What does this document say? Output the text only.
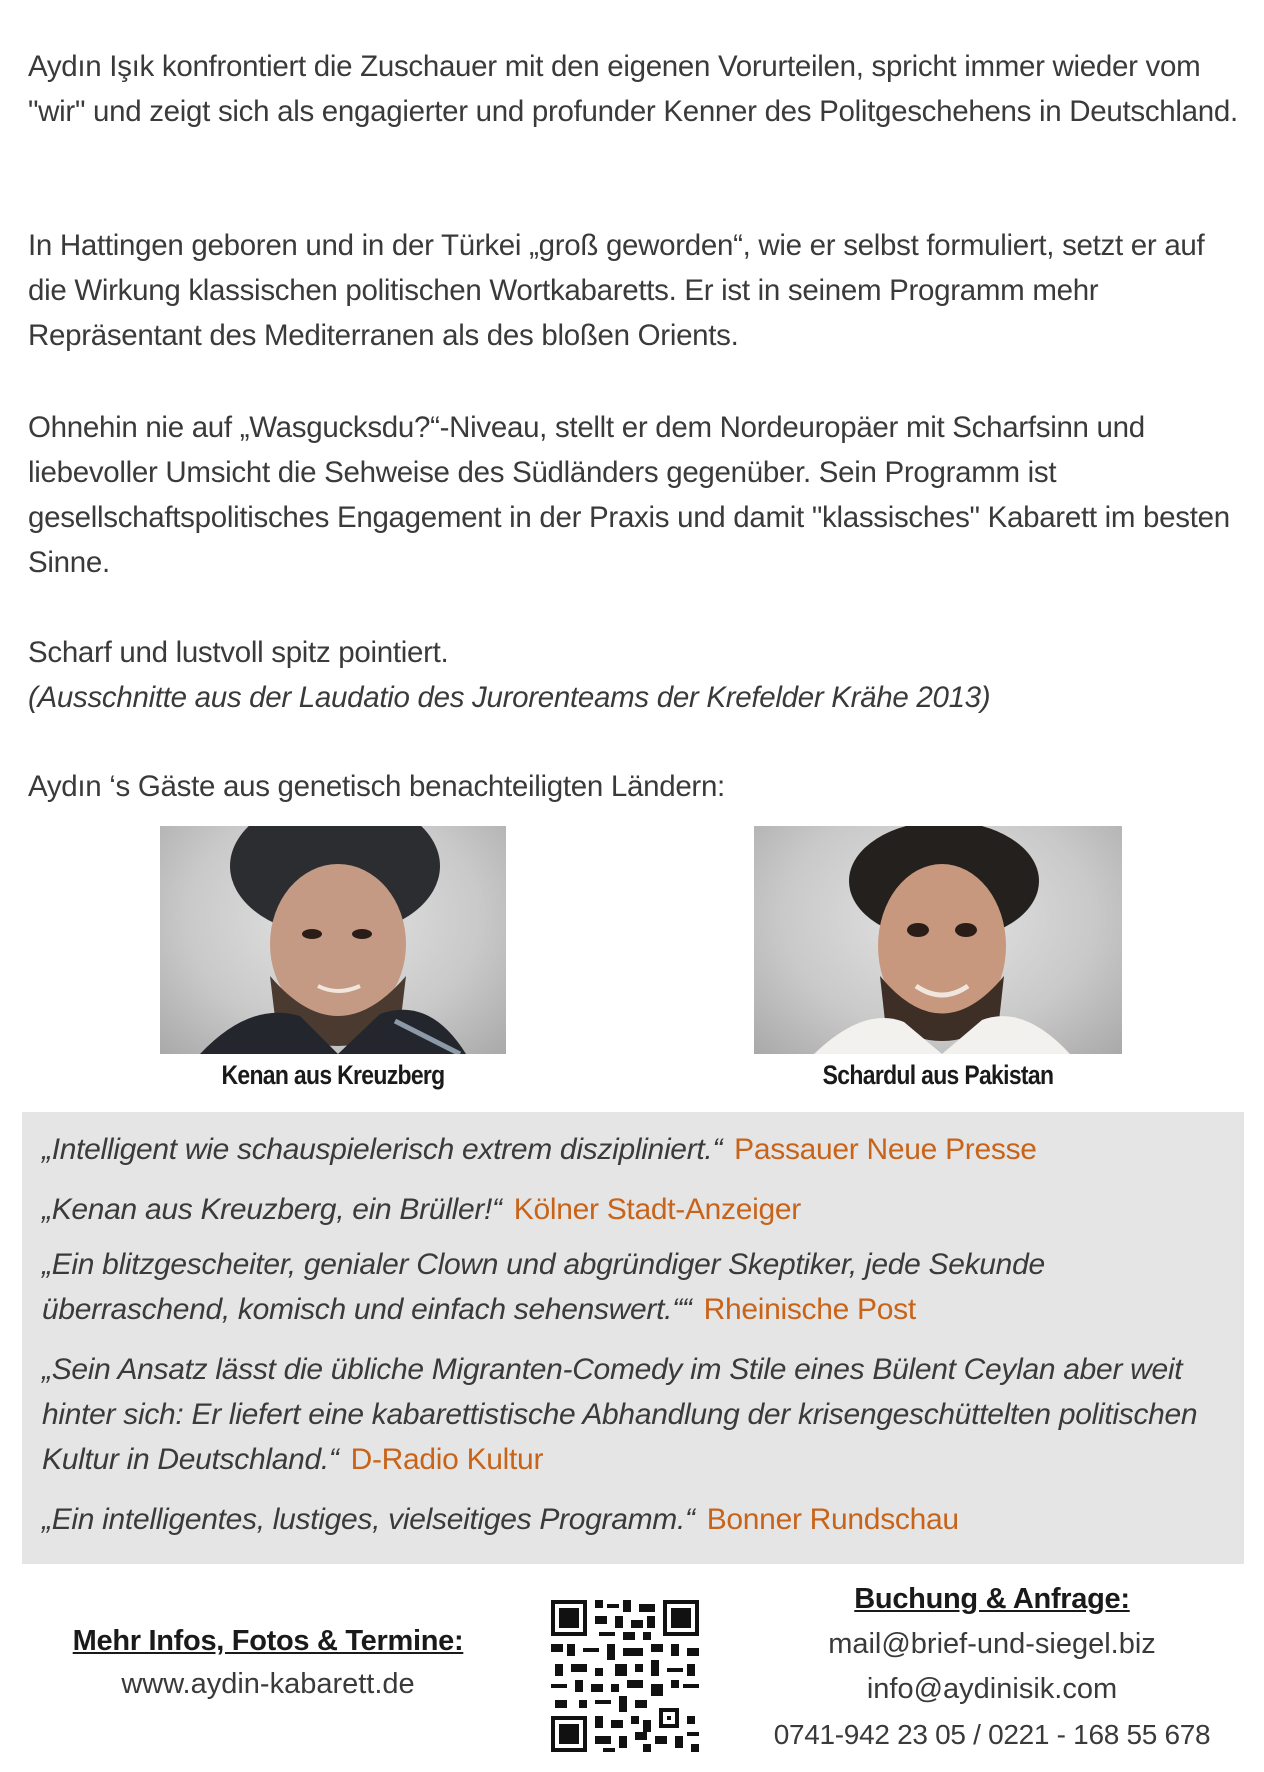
Aydın Işık konfrontiert die Zuschauer mit den eigenen Vorurteilen, spricht immer wieder vom "wir" und zeigt sich als engagierter und profunder Kenner des Politgeschehens in Deutschland.

In Hattingen geboren und in der Türkei „groß geworden“, wie er selbst formuliert, setzt er auf die Wirkung klassischen politischen Wortkabaretts. Er ist in seinem Programm mehr Repräsentant des Mediterranen als des bloßen Orients.

Ohnehin nie auf „Wasgucksdu?“-Niveau, stellt er dem Nordeuropäer mit Scharfsinn und liebevoller Umsicht die Sehweise des Südländers gegenüber. Sein Programm ist gesellschaftspolitisches Engagement in der Praxis und damit "klassisches" Kabarett im besten Sinne.

Scharf und lustvoll spitz pointiert.
(Ausschnitte aus der Laudatio des Jurorenteams der Krefelder Krähe 2013)

Aydın ‘s Gäste aus genetisch benachteiligten Ländern:

Kenan aus Kreuzberg	Schardul aus Pakistan
„Intelligent wie schauspielerisch extrem diszipliniert.“ Passauer Neue Presse
„Kenan aus Kreuzberg, ein Brüller!“ Kölner Stadt-Anzeiger
„Ein blitzgescheiter, genialer Clown und abgründiger Skeptiker, jede Sekunde überraschend, komisch und einfach sehenswert.““ Rheinische Post
„Sein Ansatz lässt die übliche Migranten-Comedy im Stile eines Bülent Ceylan aber weit hinter sich: Er liefert eine kabarettistische Abhandlung der krisengeschüttelten politischen Kultur in Deutschland.“ D-Radio Kultur
„Ein intelligentes, lustiges, vielseitiges Programm.“ Bonner Rundschau
Mehr Infos, Fotos & Termine:
www.aydin-kabarett.de
Buchung & Anfrage:
mail@brief-und-siegel.biz
info@aydinisik.com
0741-942 23 05 / 0221 - 168 55 678
